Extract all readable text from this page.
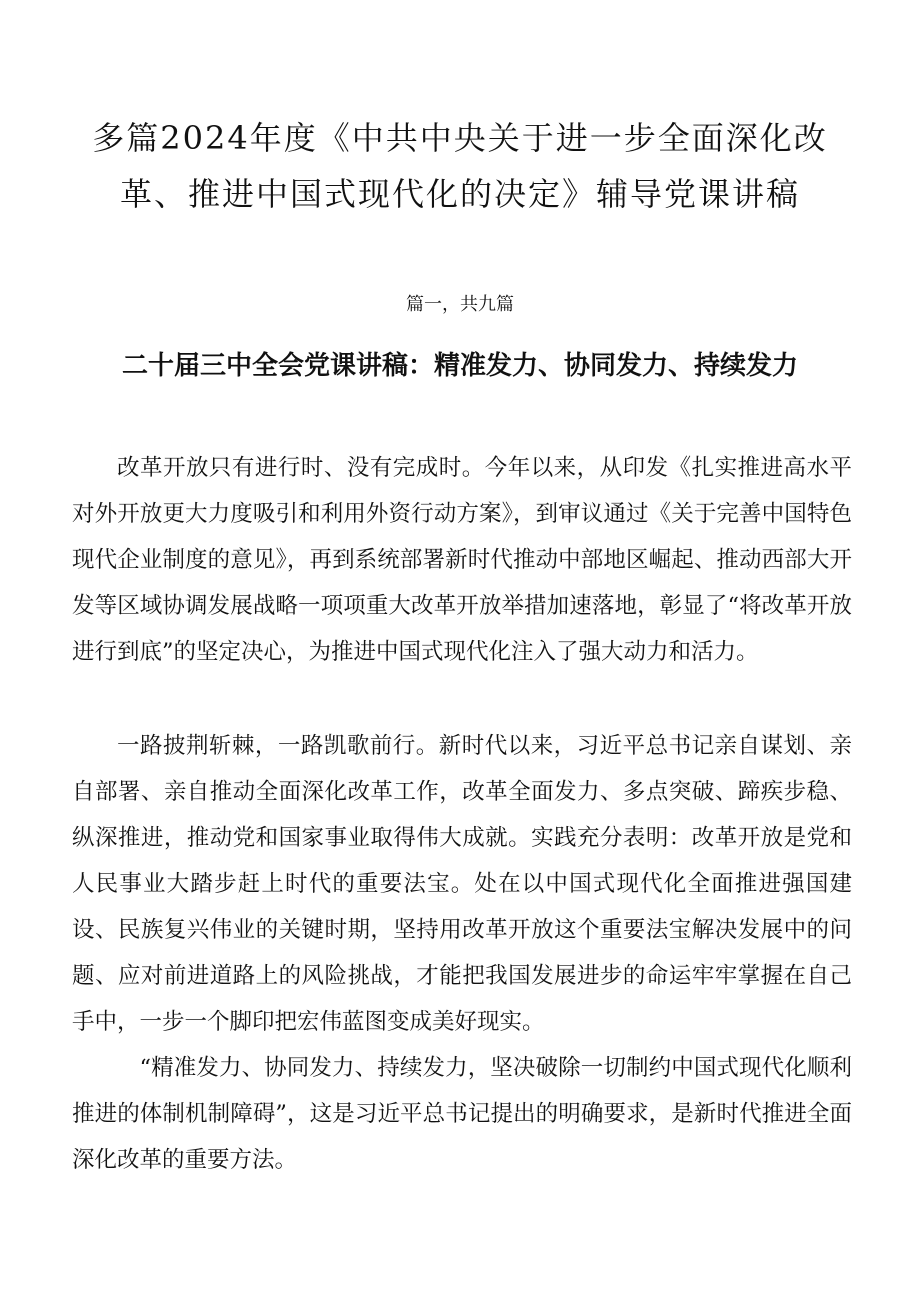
多篇2024年度《中共中央关于进一步全面深化改革、推进中国式现代化的决定》辅导党课讲稿

篇一，共九篇

二十届三中全会党课讲稿：精准发力、协同发力、持续发力

改革开放只有进行时、没有完成时。今年以来，从印发《扎实推进高水平对外开放更大力度吸引和利用外资行动方案》，到审议通过《关于完善中国特色现代企业制度的意见》，再到系统部署新时代推动中部地区崛起、推动西部大开发等区域协调发展战略一项项重大改革开放举措加速落地，彰显了“将改革开放进行到底”的坚定决心，为推进中国式现代化注入了强大动力和活力。

一路披荆斩棘，一路凯歌前行。新时代以来，习近平总书记亲自谋划、亲自部署、亲自推动全面深化改革工作，改革全面发力、多点突破、蹄疾步稳、纵深推进，推动党和国家事业取得伟大成就。实践充分表明：改革开放是党和人民事业大踏步赶上时代的重要法宝。处在以中国式现代化全面推进强国建设、民族复兴伟业的关键时期，坚持用改革开放这个重要法宝解决发展中的问题、应对前进道路上的风险挑战，才能把我国发展进步的命运牢牢掌握在自己手中，一步一个脚印把宏伟蓝图变成美好现实。

“精准发力、协同发力、持续发力，坚决破除一切制约中国式现代化顺利推进的体制机制障碍”，这是习近平总书记提出的明确要求，是新时代推进全面深化改革的重要方法。
